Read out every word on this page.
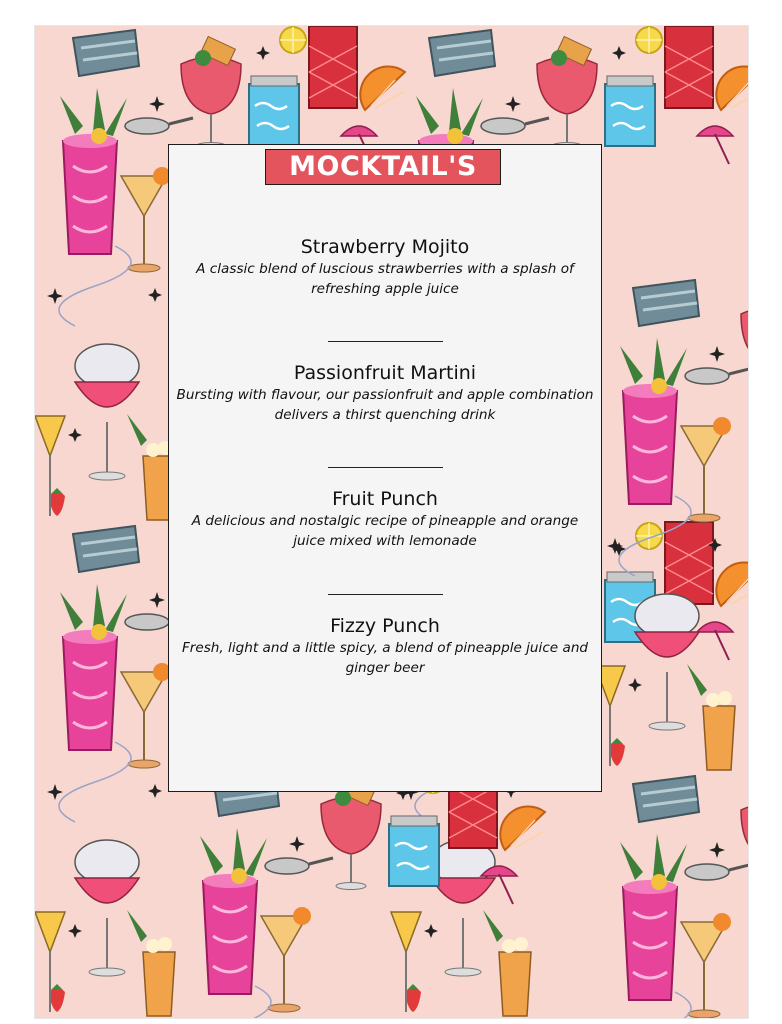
MOCKTAIL'S

Strawberry Mojito

A classic blend of luscious strawberries with a splash of refreshing apple juice

Passionfruit Martini

Bursting with flavour, our passionfruit and apple combination delivers a thirst quenching drink

Fruit Punch

A delicious and nostalgic recipe of pineapple and orange juice mixed with lemonade

Fizzy Punch

Fresh, light and a little spicy, a blend of pineapple juice and ginger beer
